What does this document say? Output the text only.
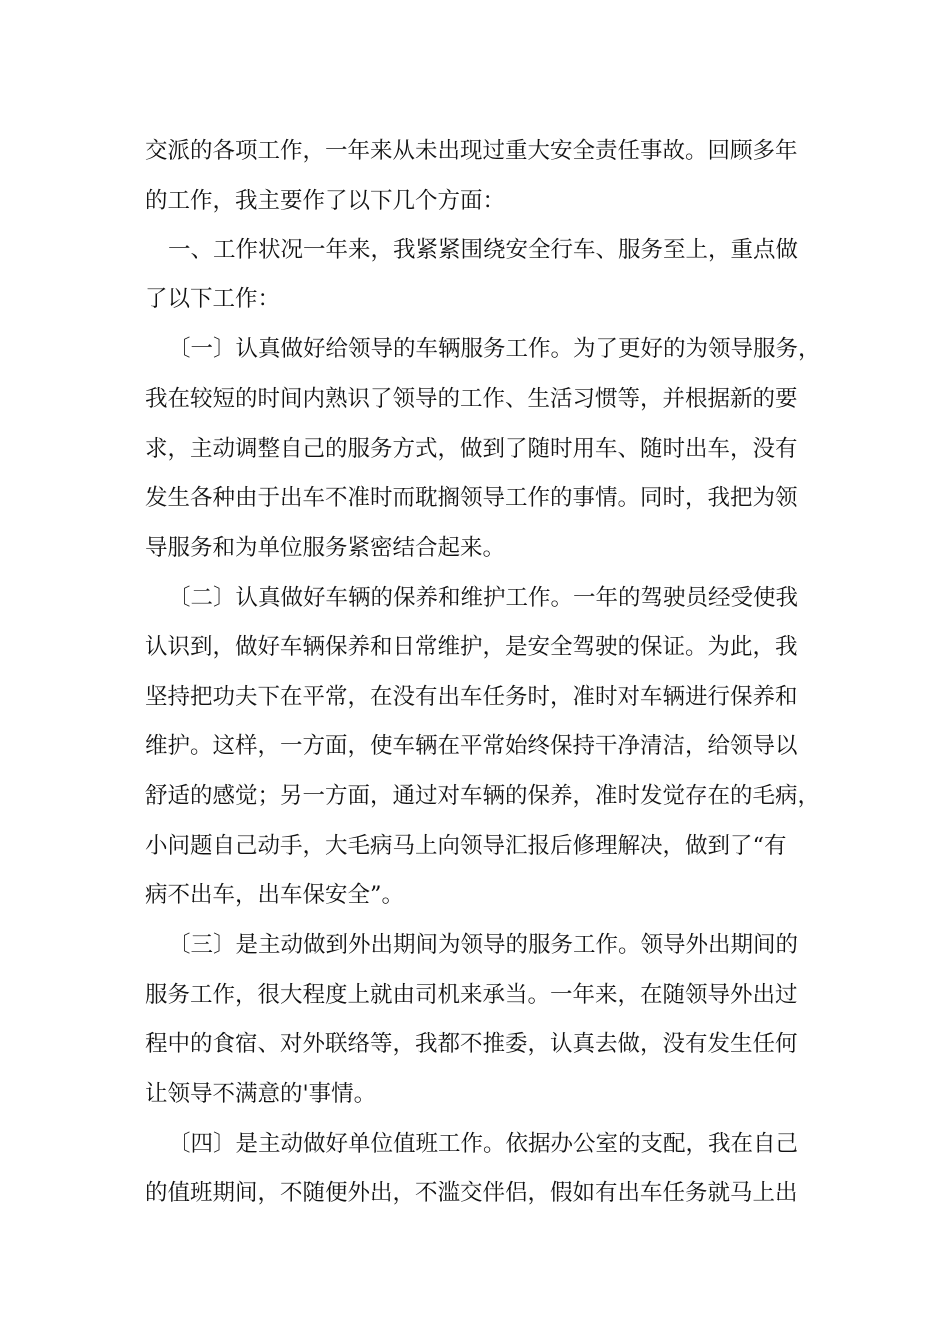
交派的各项工作，一年来从未出现过重大安全责任事故。回顾多年
的工作，我主要作了以下几个方面：
一、工作状况一年来，我紧紧围绕安全行车、服务至上，重点做
了以下工作：
〔一〕认真做好给领导的车辆服务工作。为了更好的为领导服务，
我在较短的时间内熟识了领导的工作、生活习惯等，并根据新的要
求，主动调整自己的服务方式，做到了随时用车、随时出车，没有
发生各种由于出车不准时而耽搁领导工作的事情。同时，我把为领
导服务和为单位服务紧密结合起来。
〔二〕认真做好车辆的保养和维护工作。一年的驾驶员经受使我
认识到，做好车辆保养和日常维护，是安全驾驶的保证。为此，我
坚持把功夫下在平常，在没有出车任务时，准时对车辆进行保养和
维护。这样，一方面，使车辆在平常始终保持干净清洁，给领导以
舒适的感觉；另一方面，通过对车辆的保养，准时发觉存在的毛病，
小问题自己动手，大毛病马上向领导汇报后修理解决，做到了“有
病不出车，出车保安全”。
〔三〕是主动做到外出期间为领导的服务工作。领导外出期间的
服务工作，很大程度上就由司机来承当。一年来，在随领导外出过
程中的食宿、对外联络等，我都不推委，认真去做，没有发生任何
让领导不满意的'事情。
〔四〕是主动做好单位值班工作。依据办公室的支配，我在自己
的值班期间，不随便外出，不滥交伴侣，假如有出车任务就马上出
